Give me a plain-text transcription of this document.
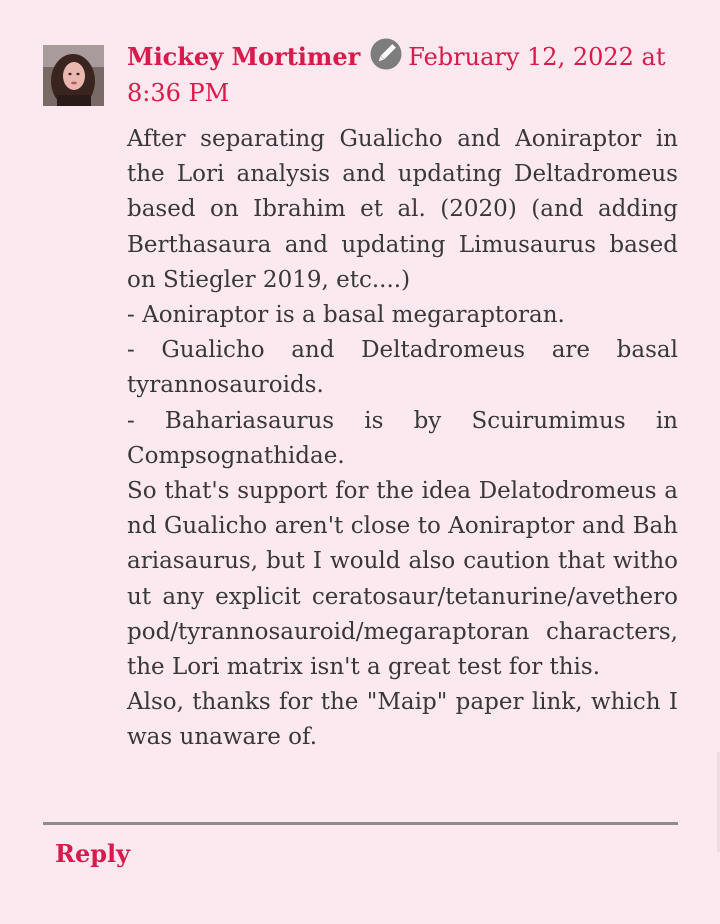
Mickey Mortimer February 12, 2022 at 8:36 PM

After separating Gualicho and Aoniraptor in the Lori analysis and updating Deltadromeus based on Ibrahim et al. (2020) (and adding Berthasaura and updating Limusaurus based on Stiegler 2019, etc....)

- Aoniraptor is a basal megaraptoran.

- Gualicho and Deltadromeus are basal tyrannosauroids.

- Bahariasaurus is by Scuirumimus in Compsognathidae.

So that's support for the idea Delatodromeus and Gualicho aren't close to Aoniraptor and Bahariasaurus, but I would also caution that without any explicit ceratosaur/tetanurine/avetheropod/tyrannosauroid/megaraptoran characters, the Lori matrix isn't a great test for this.

Also, thanks for the "Maip" paper link, which I was unaware of.

Reply
